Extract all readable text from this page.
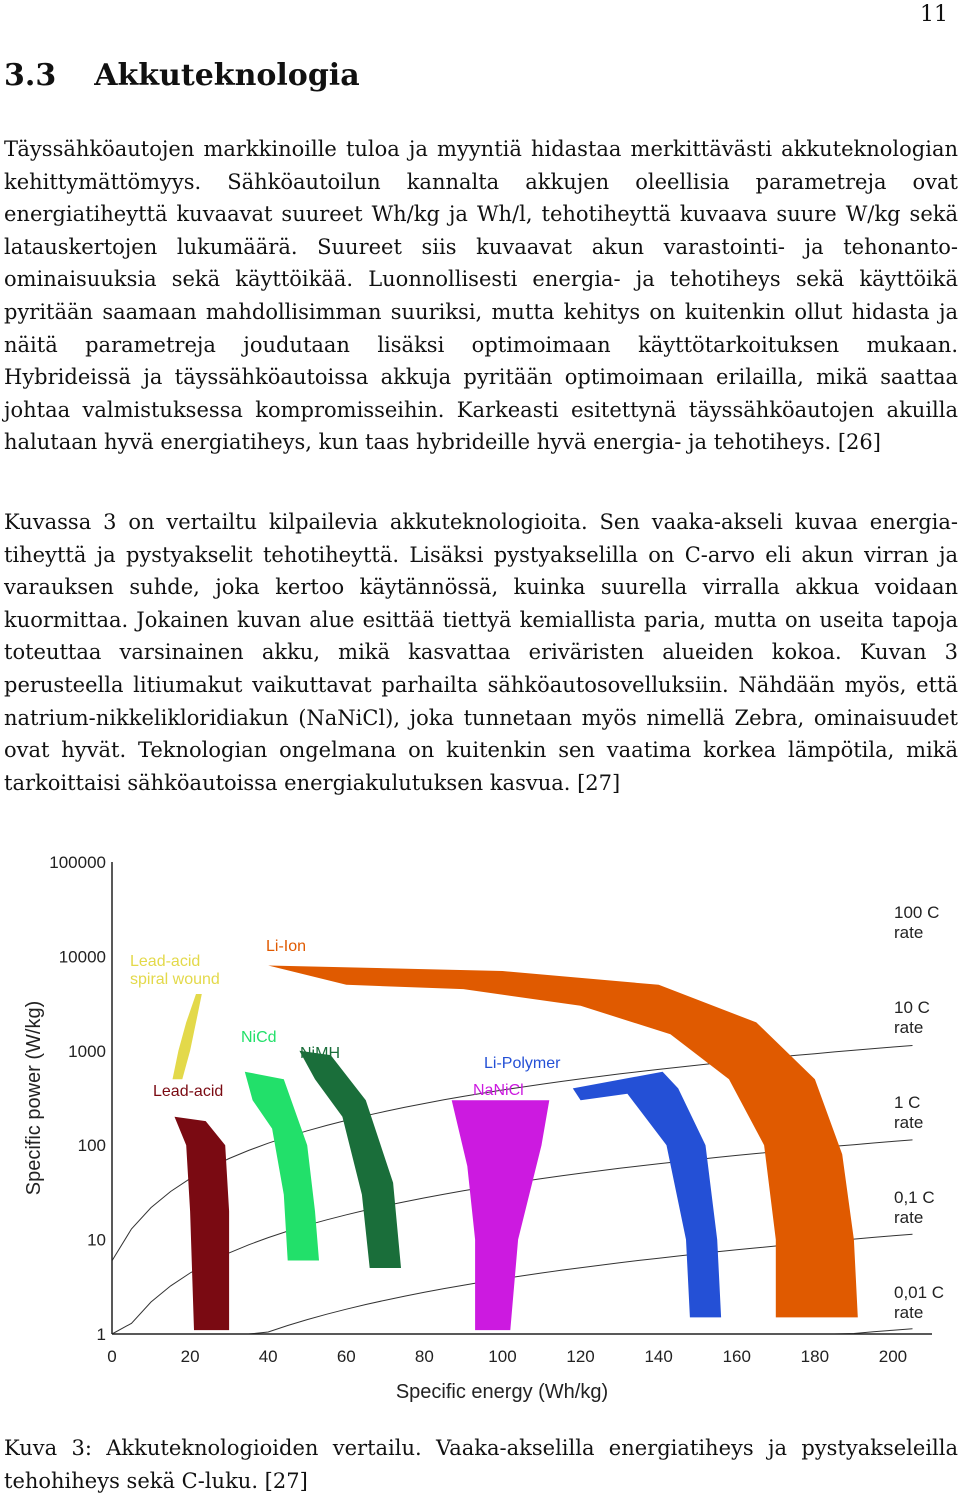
11
3.3 Akkuteknologia

Täyssähköautojen markkinoille tuloa ja myyntiä hidastaa merkittävästi akkuteknologian kehittymättömyys. Sähköautoilun kannalta akkujen oleellisia parametreja ovat energiatiheyttä kuvaavat suureet Wh/kg ja Wh/l, tehotiheyttä kuvaava suure W/kg sekä latauskertojen lukumäärä. Suureet siis kuvaavat akun varastointi- ja tehonanto-ominaisuuksia sekä käyttöikää. Luonnollisesti energia- ja tehotiheys sekä käyttöikä pyritään saamaan mahdollisimman suuriksi, mutta kehitys on kuitenkin ollut hidasta ja näitä parametreja joudutaan lisäksi optimoimaan käyttötarkoituksen mukaan. Hybrideissä ja täyssähköautoissa akkuja pyritään optimoimaan erilailla, mikä saattaa johtaa valmistuksessa kompromisseihin. Karkeasti esitettynä täyssähköautojen akuilla halutaan hyvä energiatiheys, kun taas hybrideille hyvä energia- ja tehotiheys. [26]

Kuvassa 3 on vertailtu kilpailevia akkuteknologioita. Sen vaaka-akseli kuvaa energiatiheyttä ja pystyakselit tehotiheyttä. Lisäksi pystyakselilla on C-arvo eli akun virran ja varauksen suhde, joka kertoo käytännössä, kuinka suurella virralla akkua voidaan kuormittaa. Jokainen kuvan alue esittää tiettyä kemiallista paria, mutta on useita tapoja toteuttaa varsinainen akku, mikä kasvattaa eriväristen alueiden kokoa. Kuvan 3 perusteella litiumakut vaikuttavat parhailta sähköautosovelluksiin. Nähdään myös, että natrium-nikkelikloridiakun (NaNiCl), joka tunnetaan myös nimellä Zebra, ominaisuudet ovat hyvät. Teknologian ongelmana on kuitenkin sen vaatima korkea lämpötila, mikä tarkoittaisi sähköautoissa energiakulutuksen kasvua. [27]

1
10
100
1000
10000
100000
0	20	40	60	80	100	120	140	160	180	200
Specific energy (Wh/kg)
Specific power (W/kg)
100 C
rate
10 C
rate
1 C
rate
0,1 C
rate
0,01 C
rate
Lead-acid
spiral wound
Lead-acid
NiCd
NiMH
NaNiCl
Li-Polymer
Li-Ion

Kuva 3: Akkuteknologioiden vertailu. Vaaka-akselilla energiatiheys ja pystyakseleilla tehohiheys sekä C-luku. [27]
